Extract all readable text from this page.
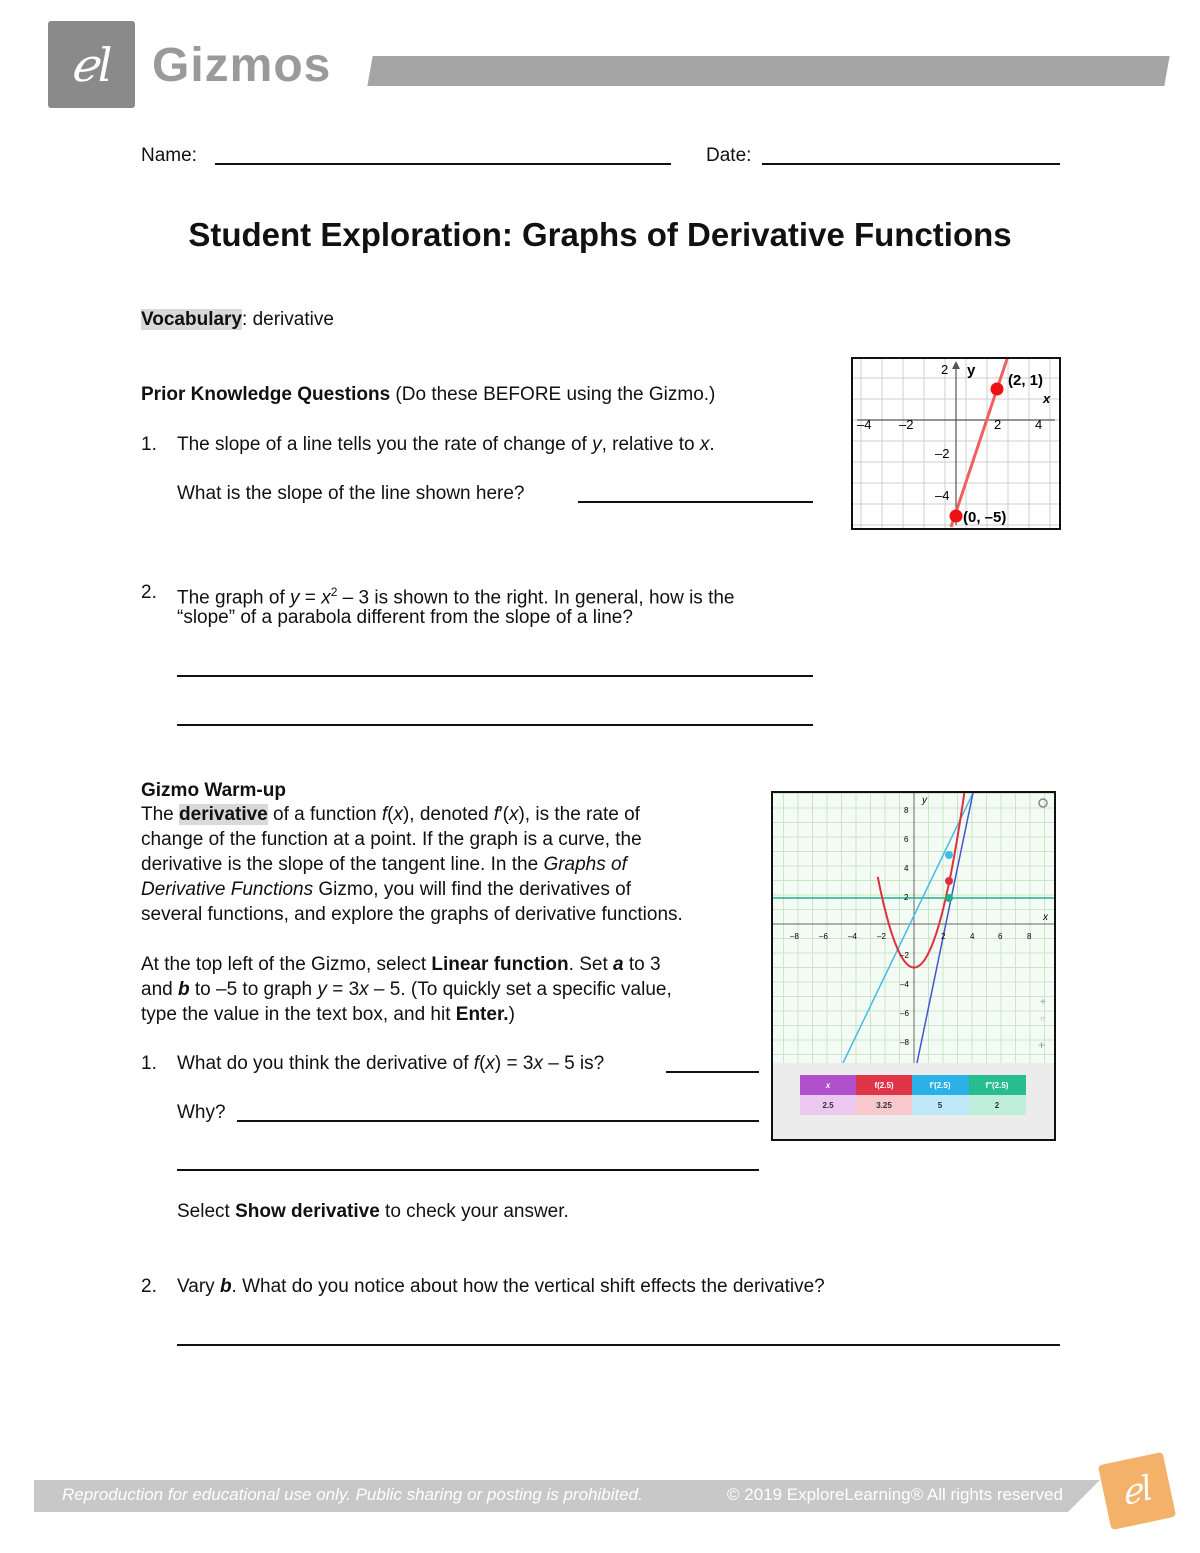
ℯl Gizmos
Name:	Date:
Student Exploration: Graphs of Derivative Functions
Vocabulary: derivative
Prior Knowledge Questions (Do these BEFORE using the Gizmo.)
1. The slope of a line tells you the rate of change of y, relative to x.
What is the slope of the line shown here?
2. The graph of $y = x^2 - 3$ is shown to the right. In general, how is the
“slope” of a parabola different from the slope of a line?
y
x
–4 –2	2	4
2
–2
–4
(2, 1)
(0, –5)
Gizmo Warm-up
The derivative of a function f(x), denoted f′(x), is the rate of
change of the function at a point. If the graph is a curve, the
derivative is the slope of the tangent line. In the Graphs of
Derivative Functions Gizmo, you will find the derivatives of
several functions, and explore the graphs of derivative functions.
At the top left of the Gizmo, select Linear function. Set a to 3
and b to –5 to graph y = 3x – 5. (To quickly set a specific value,
type the value in the text box, and hit Enter.)
1. What do you think the derivative of f(x) = 3x – 5 is?
Why?
Select Show derivative to check your answer.
2. Vary b. What do you notice about how the vertical shift effects the derivative?
y
x
–8	–6	–4	–2	2	4	6	8
8
6
4
2
–2
–4
–6
–8
+
○
+
x	f(2.5)	f′(2.5)	f″(2.5)
2.5	3.25	5	2
Reproduction for educational use only. Public sharing or posting is prohibited.	© 2019 ExploreLearning® All rights reserved	ℯl
